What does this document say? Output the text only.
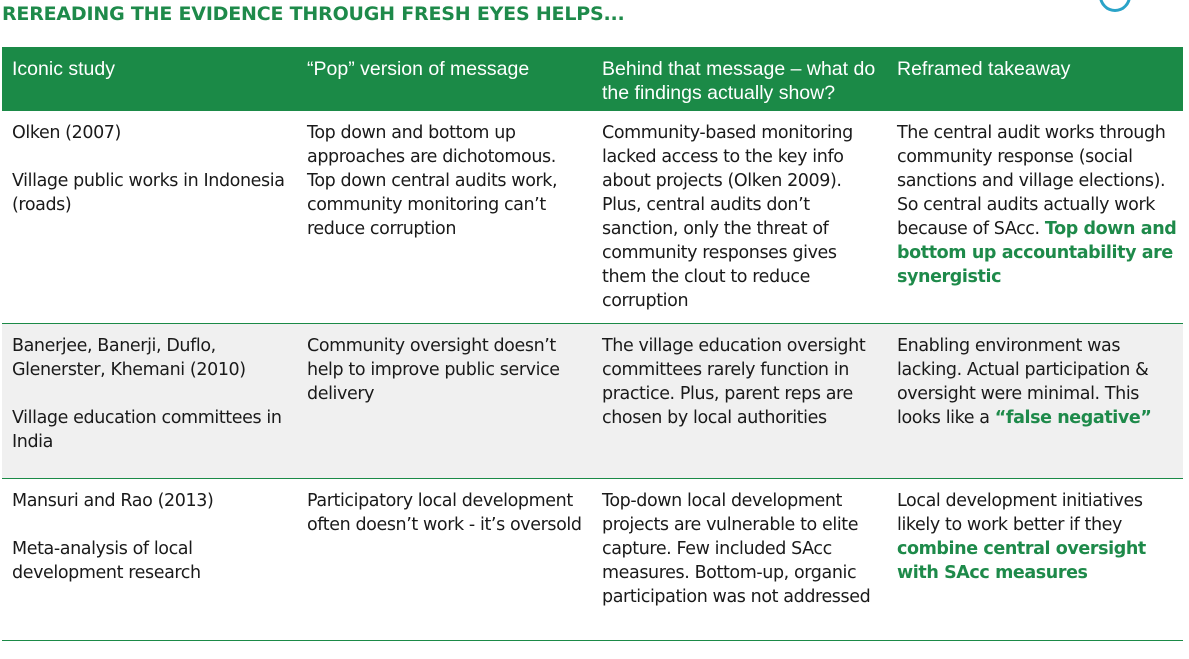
REREADING THE EVIDENCE THROUGH FRESH EYES HELPS...
Iconic study	“Pop” version of message	Behind that message – what do the findings actually show?	Reframed takeaway

Olken (2007)
Village public works in Indonesia (roads)	Top down and bottom up approaches are dichotomous. Top down central audits work, community monitoring can’t reduce corruption	Community-based monitoring lacked access to the key info about projects (Olken 2009). Plus, central audits don’t sanction, only the threat of community responses gives them the clout to reduce corruption	The central audit works through community response (social sanctions and village elections). So central audits actually work because of SAcc. Top down and bottom up accountability are synergistic

Banerjee, Banerji, Duflo, Glenerster, Khemani (2010)
Village education committees in India	Community oversight doesn’t help to improve public service delivery	The village education oversight committees rarely function in practice. Plus, parent reps are chosen by local authorities	Enabling environment was lacking. Actual participation & oversight were minimal. This looks like a “false negative”

Mansuri and Rao (2013)
Meta-analysis of local development research	Participatory local development often doesn’t work - it’s oversold	Top-down local development projects are vulnerable to elite capture. Few included SAcc measures. Bottom-up, organic participation was not addressed	Local development initiatives likely to work better if they combine central oversight with SAcc measures
